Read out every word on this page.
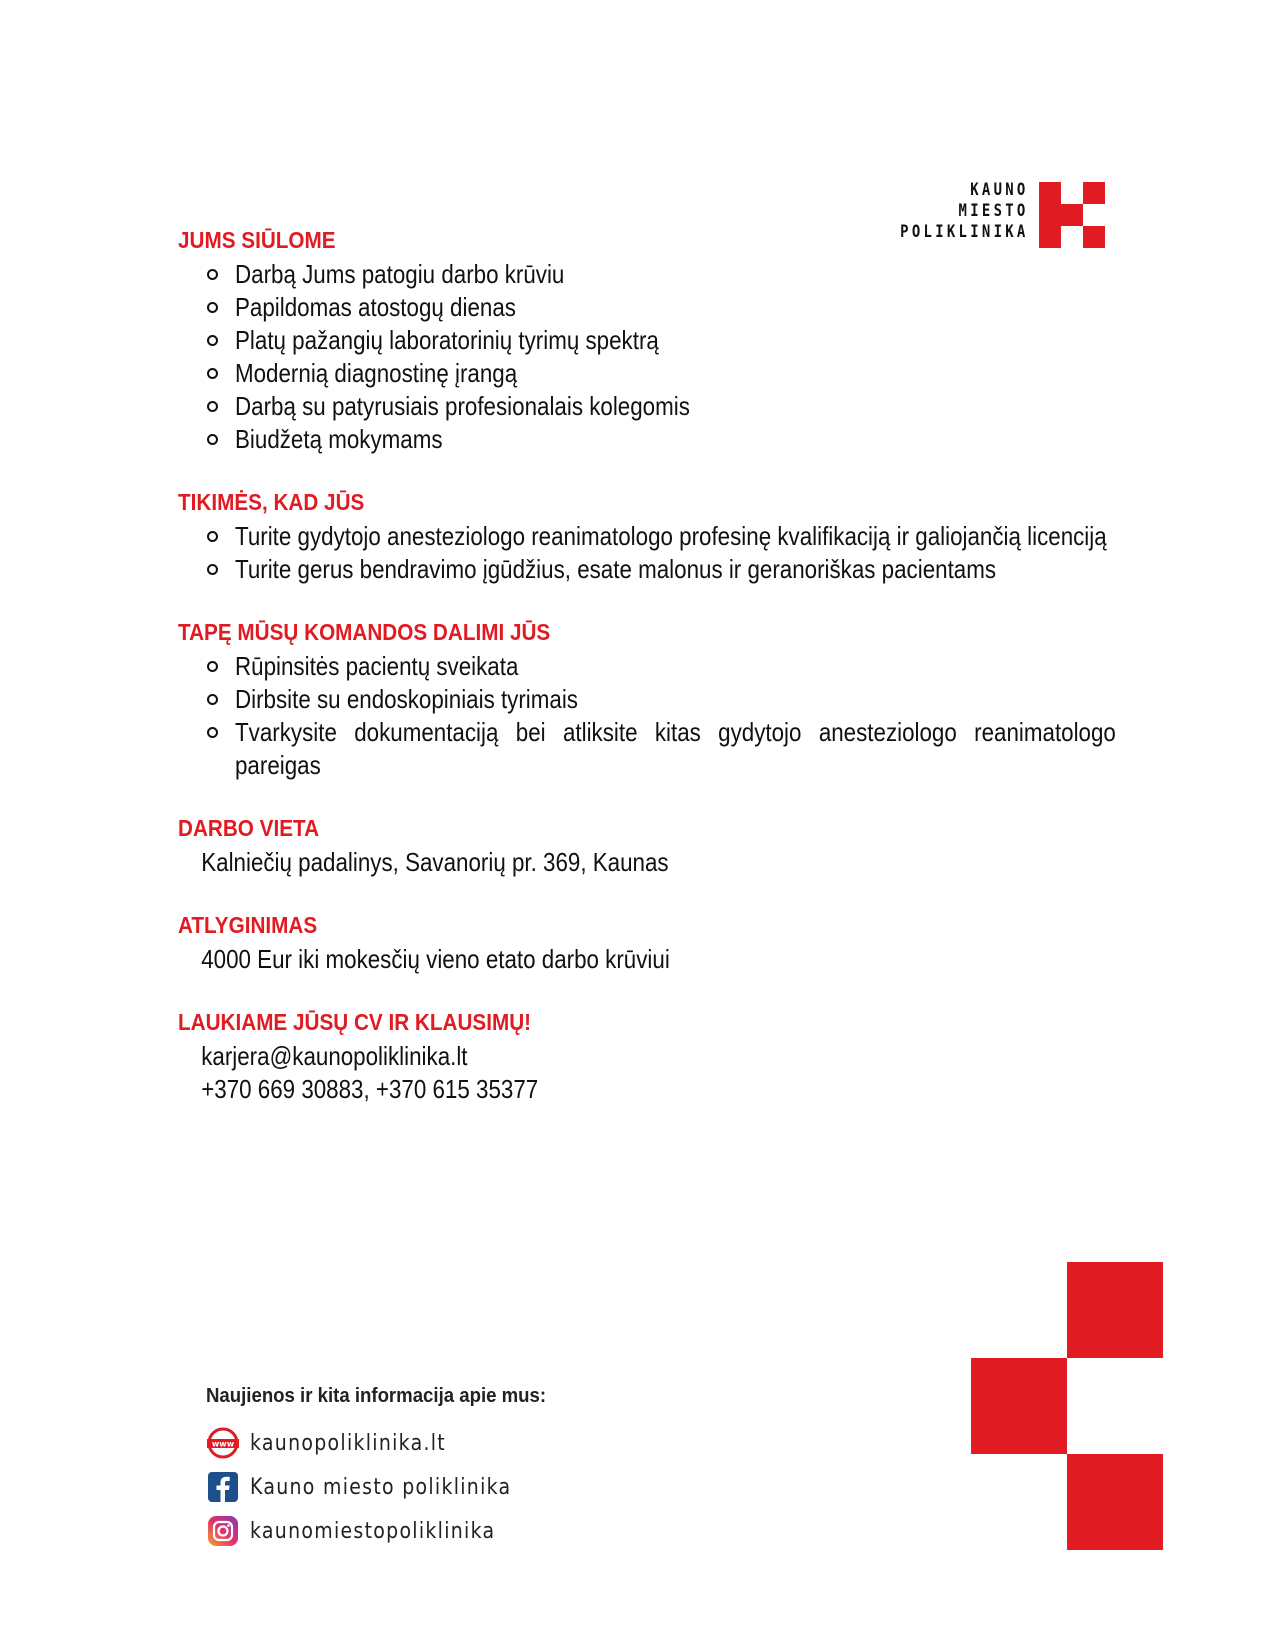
KAUNO
MIESTO
POLIKLINIKA
JUMS SIŪLOME
Darbą Jums patogiu darbo krūviu
Papildomas atostogų dienas
Platų pažangių laboratorinių tyrimų spektrą
Modernią diagnostinę įrangą
Darbą su patyrusiais profesionalais kolegomis
Biudžetą mokymams
TIKIMĖS, KAD JŪS
Turite gydytojo anesteziologo reanimatologo profesinę kvalifikaciją ir galiojančią licenciją
Turite gerus bendravimo įgūdžius, esate malonus ir geranoriškas pacientams
TAPĘ MŪSŲ KOMANDOS DALIMI JŪS
Rūpinsitės pacientų sveikata
Dirbsite su endoskopiniais tyrimais
Tvarkysite dokumentaciją bei atliksite kitas gydytojo anesteziologo reanimatologo pareigas
DARBO VIETA
Kalniečių padalinys, Savanorių pr. 369, Kaunas
ATLYGINIMAS
4000 Eur iki mokesčių vieno etato darbo krūviui
LAUKIAME JŪSŲ CV IR KLAUSIMŲ!
karjera@kaunopoliklinika.lt
+370 669 30883, +370 615 35377
Naujienos ir kita informacija apie mus:
www kaunopoliklinika.lt
Kauno miesto poliklinika
kaunomiestopoliklinika
